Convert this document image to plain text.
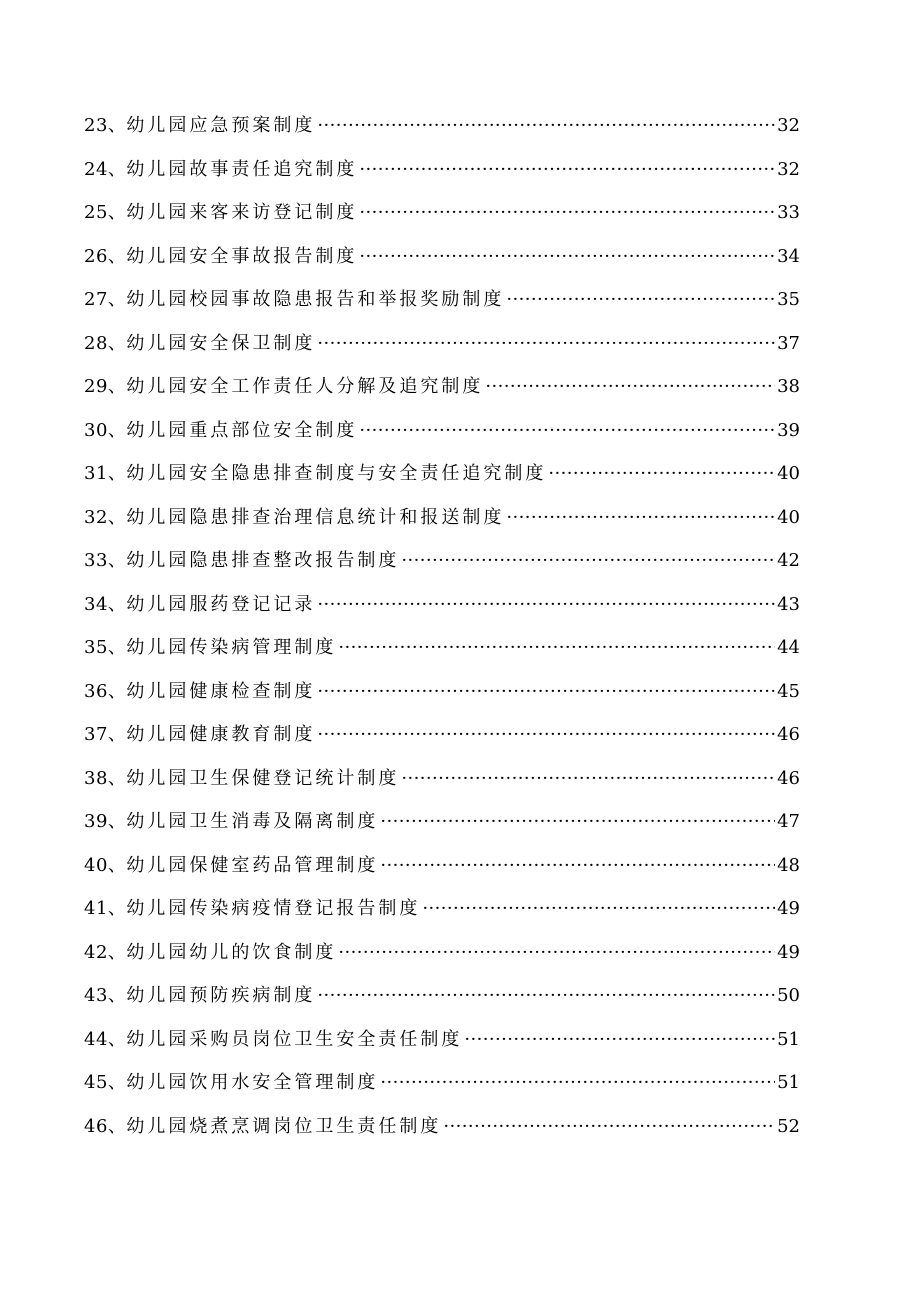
23、 幼儿园应急预案制度 ·····	32
24、 幼儿园故事责任追究制度 ·····	32
25、 幼儿园来客来访登记制度 ·····	33
26、 幼儿园安全事故报告制度 ·····	34
27、 幼儿园校园事故隐患报告和举报奖励制度 ·····	35
28、 幼儿园安全保卫制度 ·····	37
29、 幼儿园安全工作责任人分解及追究制度 ·····	38
30、 幼儿园重点部位安全制度 ·····	39
31、 幼儿园安全隐患排查制度与安全责任追究制度 ·····	40
32、 幼儿园隐患排查治理信息统计和报送制度 ·····	40
33、 幼儿园隐患排查整改报告制度 ·····	42
34、 幼儿园服药登记记录 ·····	43
35、 幼儿园传染病管理制度 ·····	44
36、 幼儿园健康检查制度 ·····	45
37、 幼儿园健康教育制度 ·····	46
38、 幼儿园卫生保健登记统计制度 ·····	46
39、 幼儿园卫生消毒及隔离制度 ·····	47
40、 幼儿园保健室药品管理制度 ·····	48
41、 幼儿园传染病疫情登记报告制度 ·····	49
42、 幼儿园幼儿的饮食制度 ·····	49
43、 幼儿园预防疾病制度 ·····	50
44、 幼儿园采购员岗位卫生安全责任制度 ·····	51
45、 幼儿园饮用水安全管理制度 ·····	51
46、 幼儿园烧煮烹调岗位卫生责任制度 ·····	52
